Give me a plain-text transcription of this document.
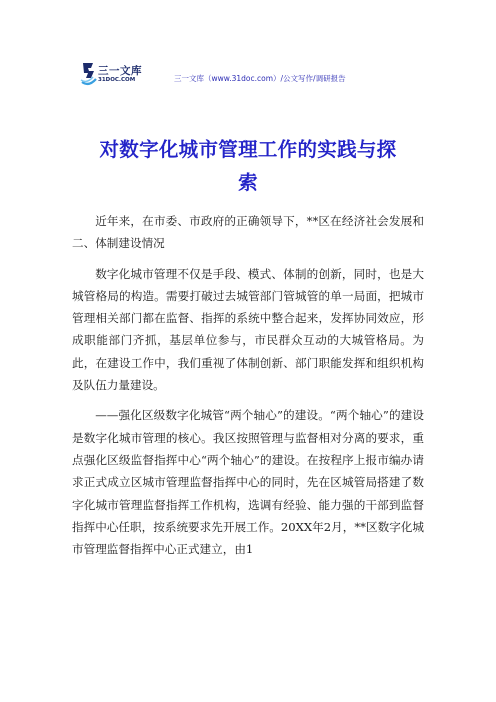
三一文库
31DOC.COM	三一文库（www.31doc.com）/公文写作/调研报告
对数字化城市管理工作的实践与探
索

近年来，在市委、市政府的正确领导下，**区在经济社会发展和二、体制建设情况

数字化城市管理不仅是手段、模式、体制的创新，同时，也是大城管格局的构造。需要打破过去城管部门管城管的单一局面，把城市管理相关部门都在监督、指挥的系统中整合起来，发挥协同效应，形成职能部门齐抓，基层单位参与，市民群众互动的大城管格局。为此，在建设工作中，我们重视了体制创新、部门职能发挥和组织机构及队伍力量建设。

——强化区级数字化城管“两个轴心”的建设。“两个轴心”的建设是数字化城市管理的核心。我区按照管理与监督相对分离的要求，重点强化区级监督指挥中心“两个轴心”的建设。在按程序上报市编办请求正式成立区城市管理监督指挥中心的同时，先在区城管局搭建了数字化城市管理监督指挥工作机构，选调有经验、能力强的干部到监督指挥中心任职，按系统要求先开展工作。20XX年2月，**区数字化城市管理监督指挥中心正式建立，由1
